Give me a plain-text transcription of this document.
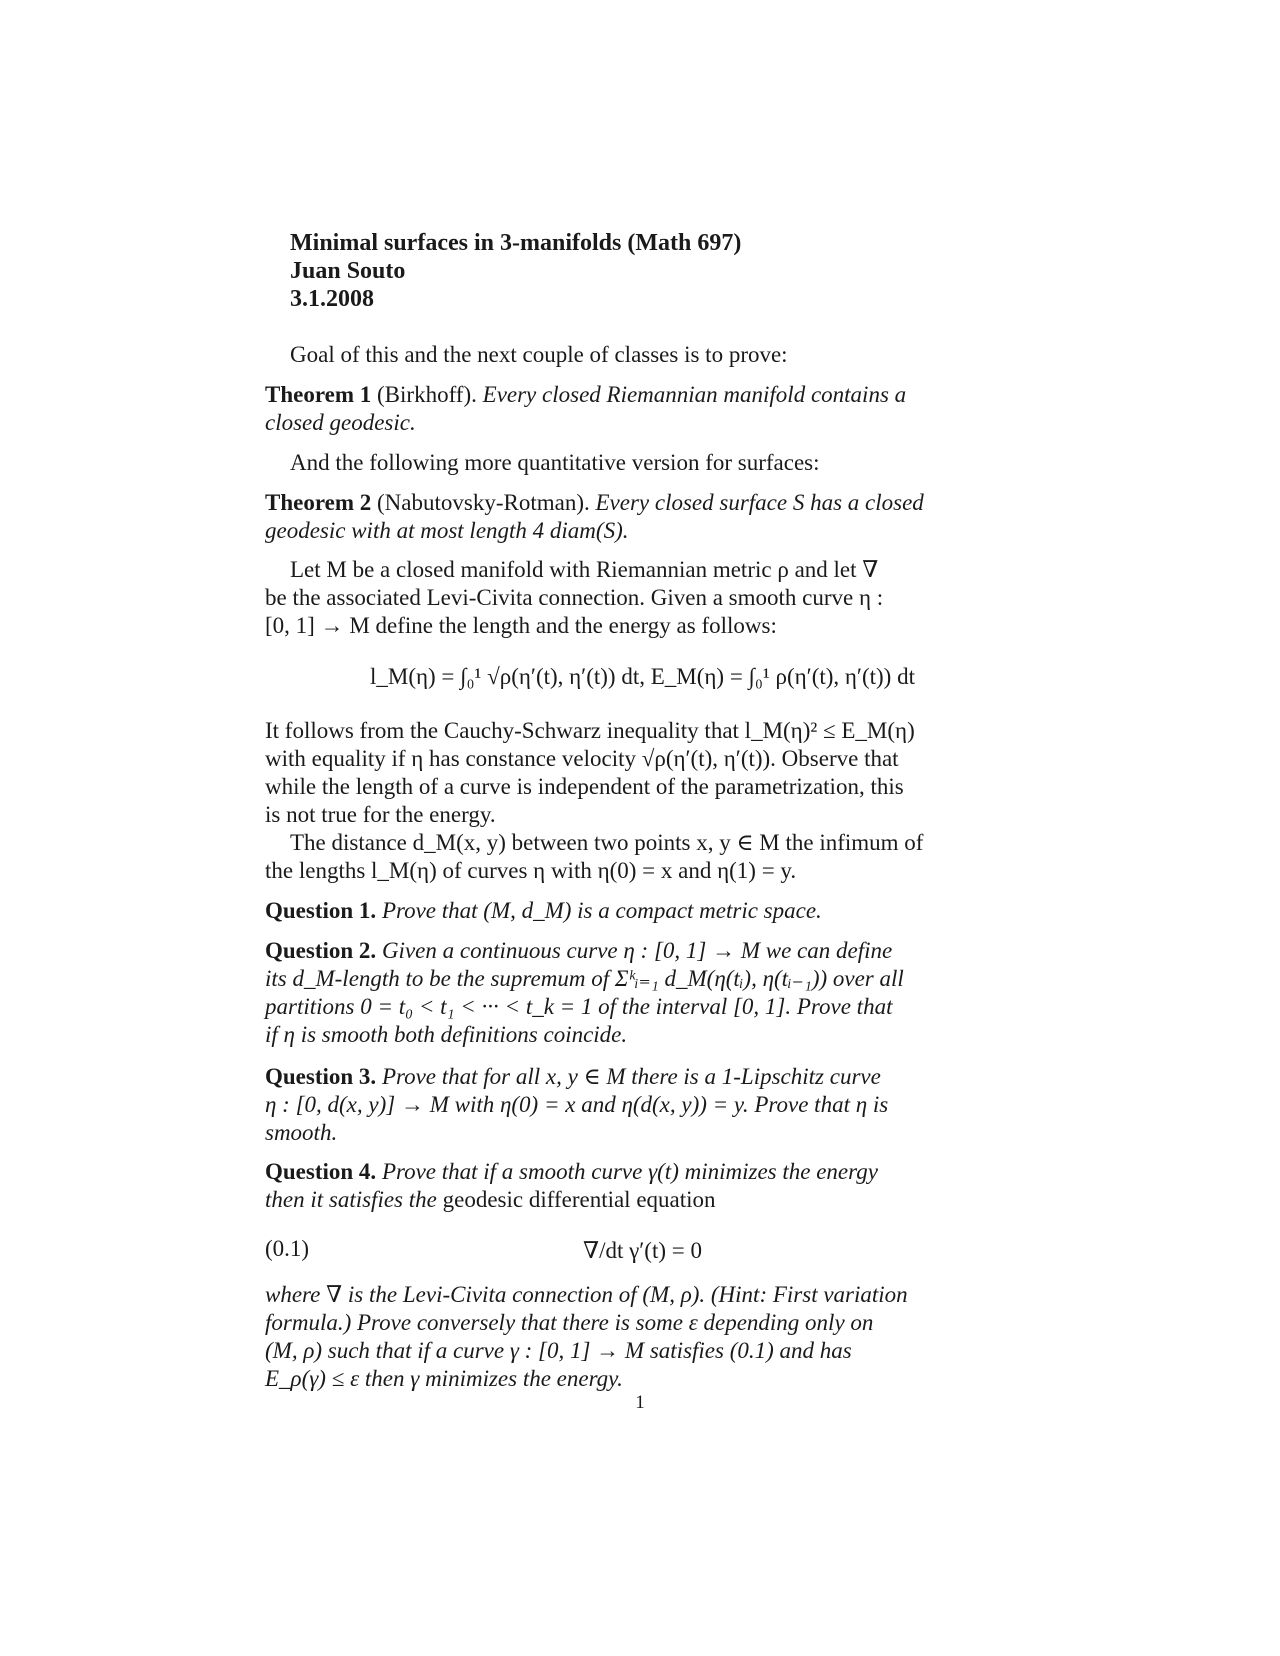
Minimal surfaces in 3-manifolds (Math 697)
Juan Souto
3.1.2008
Goal of this and the next couple of classes is to prove:
Theorem 1 (Birkhoff). Every closed Riemannian manifold contains a
closed geodesic.
And the following more quantitative version for surfaces:
Theorem 2 (Nabutovsky-Rotman). Every closed surface S has a closed
geodesic with at most length 4 diam(S).
Let M be a closed manifold with Riemannian metric ρ and let ∇
be the associated Levi-Civita connection. Given a smooth curve η :
[0, 1] → M define the length and the energy as follows:
l_M(η) = ∫₀¹ √ρ(η′(t), η′(t)) dt, E_M(η) = ∫₀¹ ρ(η′(t), η′(t)) dt
It follows from the Cauchy-Schwarz inequality that l_M(η)² ≤ E_M(η)
with equality if η has constance velocity √ρ(η′(t), η′(t)). Observe that
while the length of a curve is independent of the parametrization, this
is not true for the energy.
The distance d_M(x, y) between two points x, y ∈ M the infimum of
the lengths l_M(η) of curves η with η(0) = x and η(1) = y.
Question 1. Prove that (M, d_M) is a compact metric space.
Question 2. Given a continuous curve η : [0, 1] → M we can define
its d_M-length to be the supremum of Σᵏᵢ₌₁ d_M(η(tᵢ), η(tᵢ₋₁)) over all
partitions 0 = t₀ < t₁ < ··· < t_k = 1 of the interval [0, 1]. Prove that
if η is smooth both definitions coincide.
Question 3. Prove that for all x, y ∈ M there is a 1-Lipschitz curve
η : [0, d(x, y)] → M with η(0) = x and η(d(x, y)) = y. Prove that η is
smooth.
Question 4. Prove that if a smooth curve γ(t) minimizes the energy
then it satisfies the geodesic differential equation
(0.1)	∇/dt γ′(t) = 0
where ∇ is the Levi-Civita connection of (M, ρ). (Hint: First variation
formula.) Prove conversely that there is some ε depending only on
(M, ρ) such that if a curve γ : [0, 1] → M satisfies (0.1) and has
E_ρ(γ) ≤ ε then γ minimizes the energy.
1
